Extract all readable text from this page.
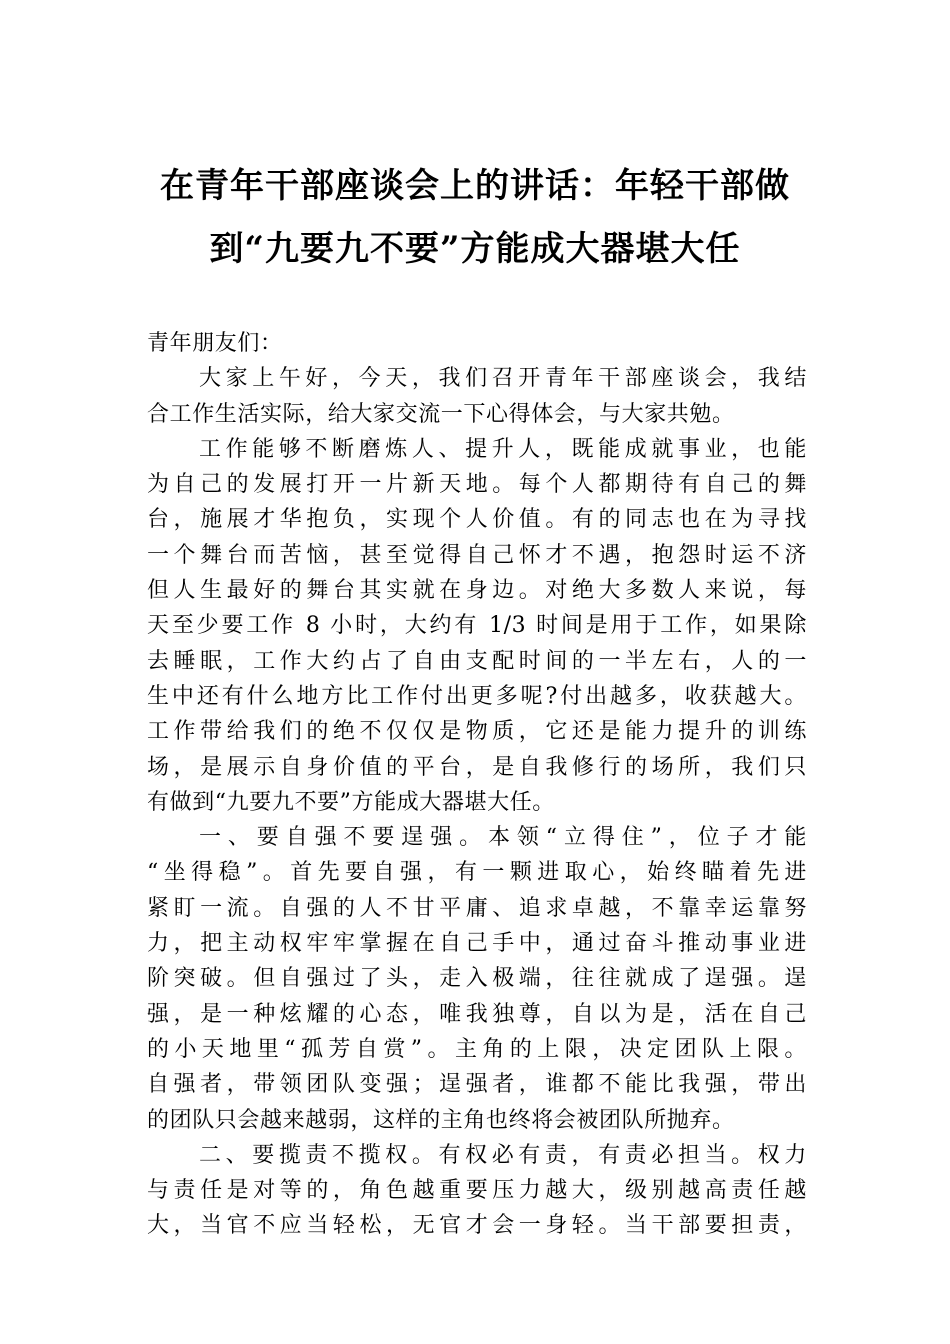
在青年干部座谈会上的讲话：年轻干部做
到“九要九不要”方能成大器堪大任
青年朋友们：
大家上午好，今天，我们召开青年干部座谈会，我结
合工作生活实际，给大家交流一下心得体会，与大家共勉。
工作能够不断磨炼人、提升人，既能成就事业，也能
为自己的发展打开一片新天地。每个人都期待有自己的舞
台，施展才华抱负，实现个人价值。有的同志也在为寻找
一个舞台而苦恼，甚至觉得自己怀才不遇，抱怨时运不济
但人生最好的舞台其实就在身边。对绝大多数人来说，每
天至少要工作 8 小时，大约有 1/3 时间是用于工作，如果除
去睡眠，工作大约占了自由支配时间的一半左右，人的一
生中还有什么地方比工作付出更多呢?付出越多，收获越大。
工作带给我们的绝不仅仅是物质，它还是能力提升的训练
场，是展示自身价值的平台，是自我修行的场所，我们只
有做到“九要九不要”方能成大器堪大任。
一、要自强不要逞强。本领“立得住”，位子才能
“坐得稳”。首先要自强，有一颗进取心，始终瞄着先进
紧盯一流。自强的人不甘平庸、追求卓越，不靠幸运靠努
力，把主动权牢牢掌握在自己手中，通过奋斗推动事业进
阶突破。但自强过了头，走入极端，往往就成了逞强。逞
强，是一种炫耀的心态，唯我独尊，自以为是，活在自己
的小天地里“孤芳自赏”。主角的上限，决定团队上限。
自强者，带领团队变强；逞强者，谁都不能比我强，带出
的团队只会越来越弱，这样的主角也终将会被团队所抛弃。
二、要揽责不揽权。有权必有责，有责必担当。权力
与责任是对等的，角色越重要压力越大，级别越高责任越
大，当官不应当轻松，无官才会一身轻。当干部要担责，
